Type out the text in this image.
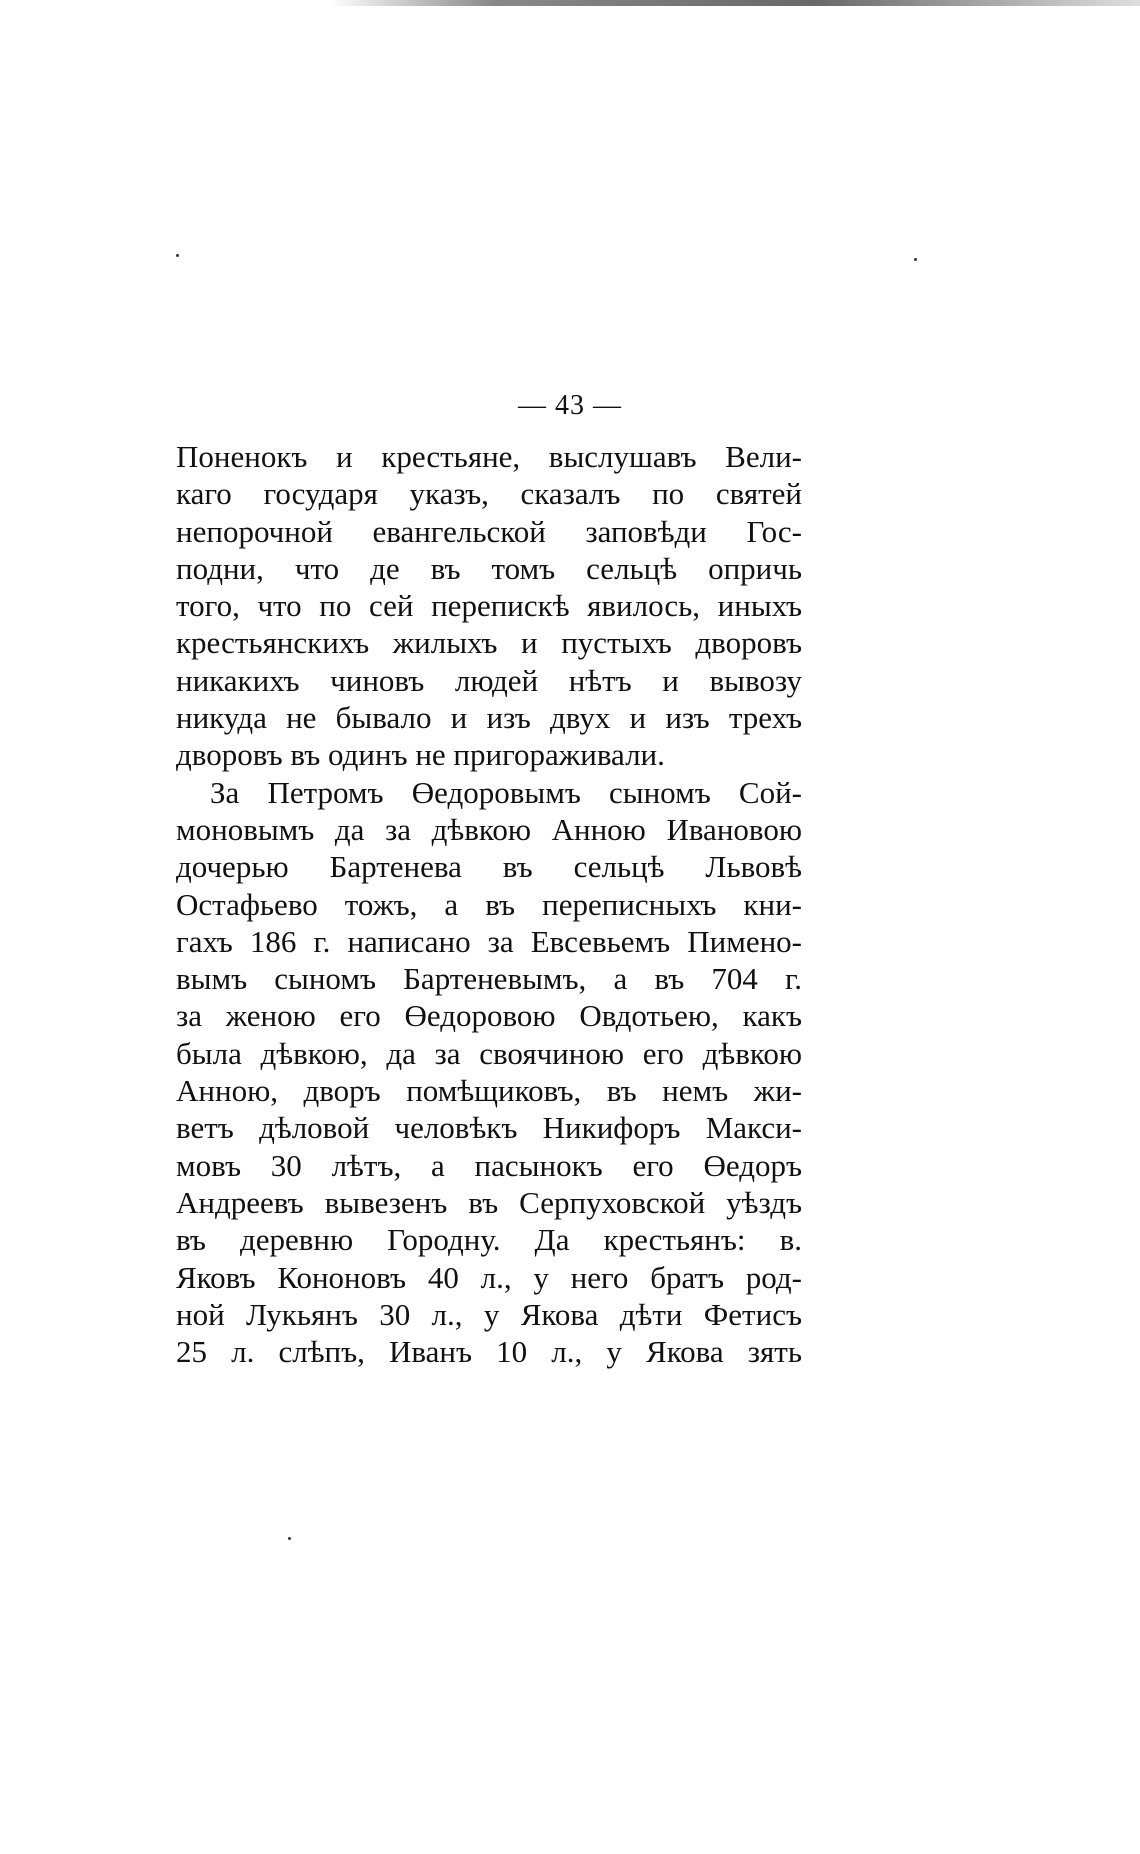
— 43 —
Поненокъ и крестьяне, выслушавъ Вели-
каго государя указъ, сказалъ по святей
непорочной евангельской заповѣди Гос-
подни, что де въ томъ сельцѣ опричь
того, что по сей перепискѣ явилось, иныхъ
крестьянскихъ жилыхъ и пустыхъ дворовъ
никакихъ чиновъ людей нѣтъ и вывозу
никуда не бывало и изъ двух и изъ трехъ
дворовъ въ одинъ не пригораживали.
За Петромъ Өедоровымъ сыномъ Сой-
моновымъ да за дѣвкою Анною Ивановою
дочерью Бартенева въ сельцѣ Львовѣ
Остафьево тожъ, а въ переписныхъ кни-
гахъ 186 г. написано за Евсевьемъ Пимено-
вымъ сыномъ Бартеневымъ, а въ 704 г.
за женою его Өедоровою Овдотьею, какъ
была дѣвкою, да за своячиною его дѣвкою
Анною, дворъ помѣщиковъ, въ немъ жи-
ветъ дѣловой человѣкъ Никифоръ Макси-
мовъ 30 лѣтъ, а пасынокъ его Өедоръ
Андреевъ вывезенъ въ Серпуховской уѣздъ
въ деревню Городну. Да крестьянъ: в.
Яковъ Кононовъ 40 л., у него братъ род-
ной Лукьянъ 30 л., у Якова дѣти Фетисъ
25 л. слѣпъ, Иванъ 10 л., у Якова зять
